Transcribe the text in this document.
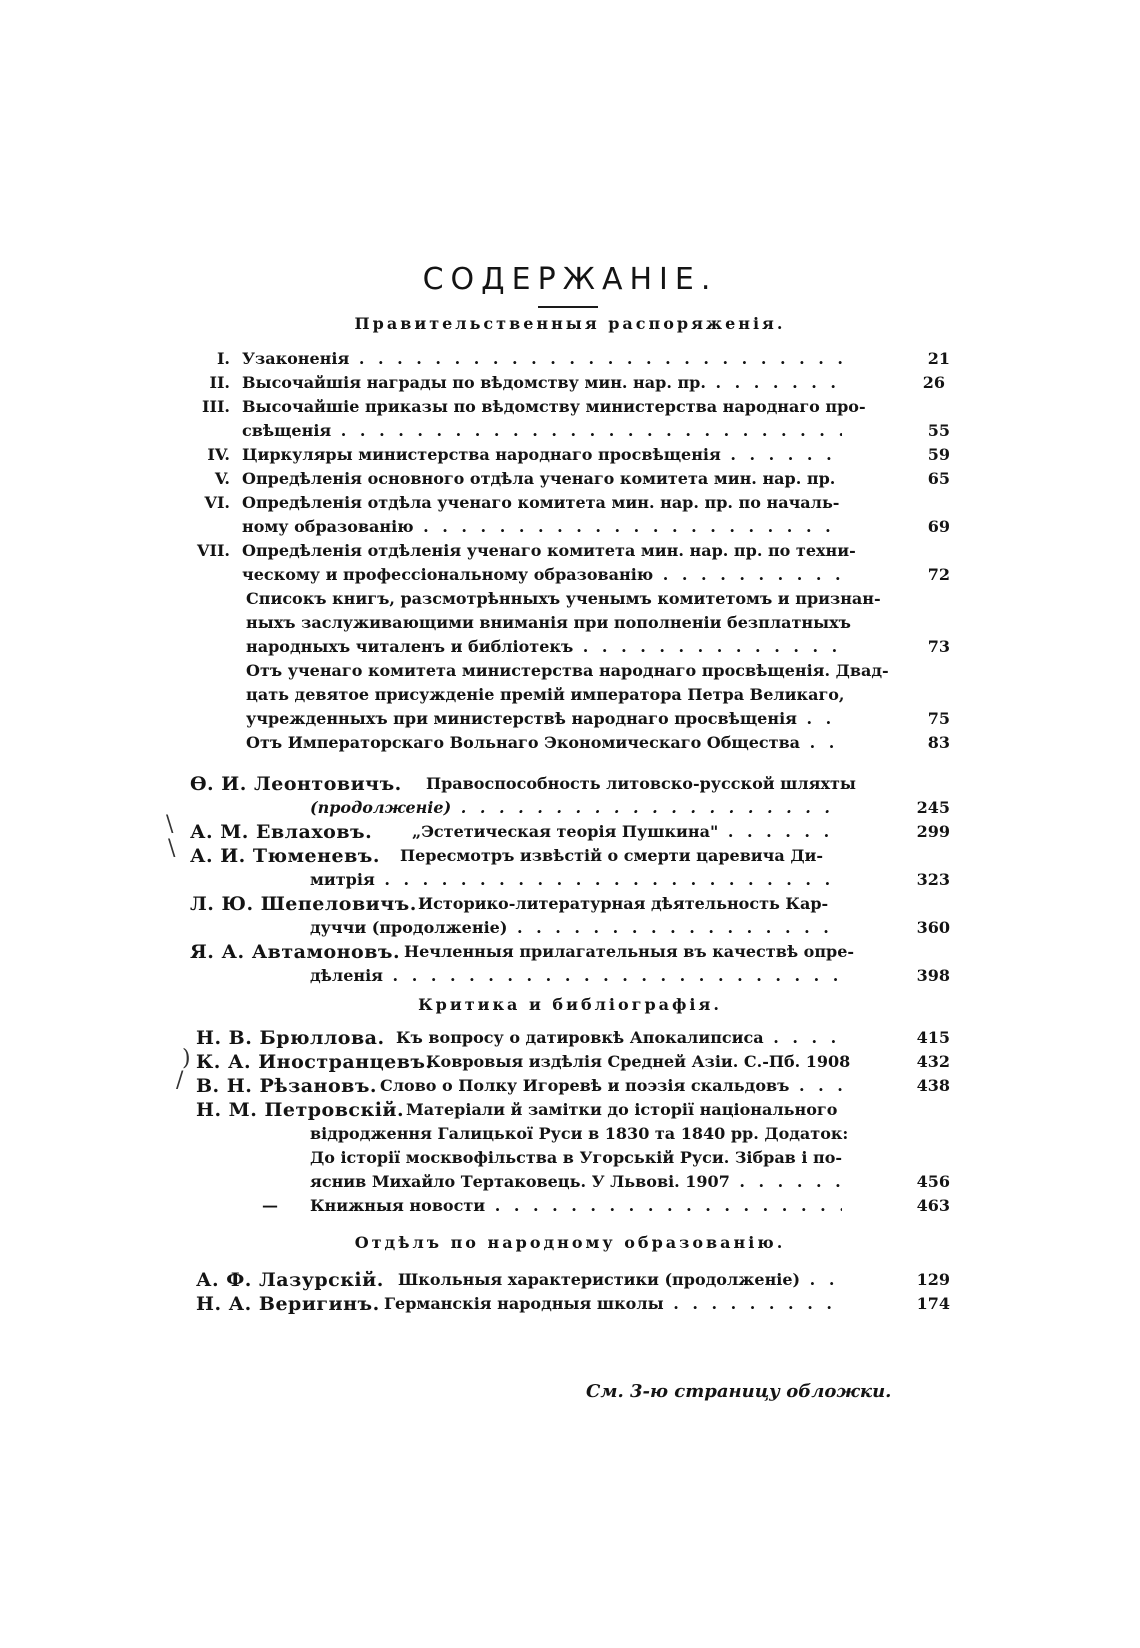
СОДЕРЖАНІЕ.
Правительственныя распоряженія.
I. Узаконенія . . .	21
II. Высочайшія награды по вѣдомству мин. нар. пр. . . .	26
III. Высочайшіе приказы по вѣдомству министерства народнаго про-
свѣщенія . . .	55
IV. Циркуляры министерства народнаго просвѣщенія . . .	59
V. Опредѣленія основного отдѣла ученаго комитета мин. нар. пр. . . .	65
VI. Опредѣленія отдѣла ученаго комитета мин. нар. пр. по началь-
ному образованію . . .	69
VII. Опредѣленія отдѣленія ученаго комитета мин. нар. пр. по техни-
ческому и профессіональному образованію . . .	72
Списокъ книгъ, разсмотрѣнныхъ ученымъ комитетомъ и признан-
ныхъ заслуживающими вниманія при пополненіи безплатныхъ
народныхъ читаленъ и библіотекъ . . .	73
Отъ ученаго комитета министерства народнаго просвѣщенія. Двад-
цать девятое присужденіе премій императора Петра Великаго,
учрежденныхъ при министерствѣ народнаго просвѣщенія . . .	75
Отъ Императорскаго Вольнаго Экономическаго Общества . . .	83
Ѳ. И. Леонтовичъ. Правоспособность литовско-русской шляхты
(продолженіе) . . .	245
\ А. М. Евлаховъ. „Эстетическая теорія Пушкина" . . .	299
\ А. И. Тюменевъ. Пересмотръ извѣстій о смерти царевича Ди-
митрія . . .	323
Л. Ю. Шепеловичъ. Историко-литературная дѣятельность Кар-
дуччи (продолженіе) . . .	360
Я. А. Автамоновъ. Нечленныя прилагательныя въ качествѣ опре-
дѣленія . . .	398
Критика и библіографія.
Н. В. Брюллова. Къ вопросу о датировкѣ Апокалипсиса . . .	415
) К. А. Иностранцевъ.
Ковровыя издѣлія Средней Азіи. С.-Пб. 1908	432
/ В. Н. Рѣзановъ. Слово о Полку Игоревѣ и поэзія скальдовъ . . .	438
Н. М. Петровскій. Матеріали й замітки до історії національного
відродження Галицької Руси в 1830 та 1840 рр. Додаток:
До історії москвофільства в Угорській Руси. Зібрав і по-
яснив Михайло Тертаковець. У Львові. 1907 . . .	456
— Книжныя новости . . .	463
Отдѣлъ по народному образованію.
А. Ф. Лазурскій. Школьныя характеристики (продолженіе) . . .	129
Н. А. Веригинъ. Германскія народныя школы . . .	174
См. 3-ю страницу обложки.
